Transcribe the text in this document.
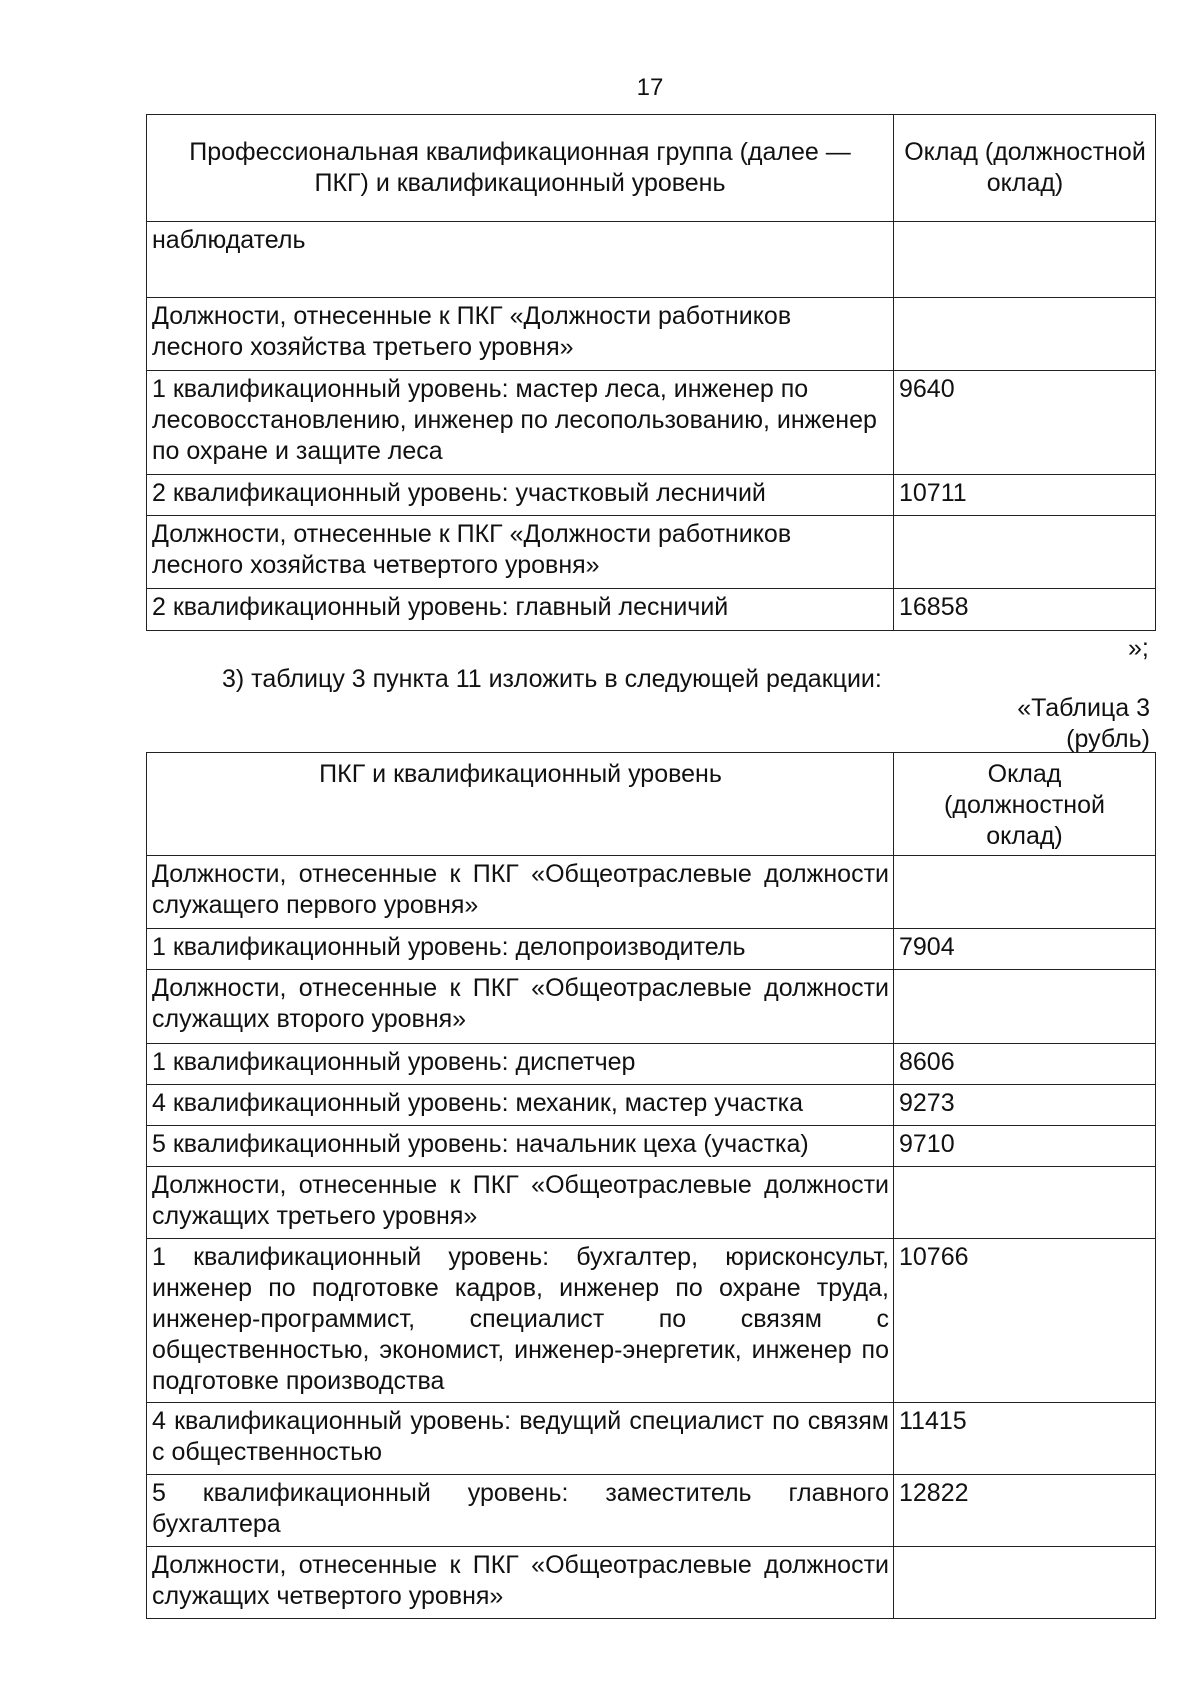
17
Профессиональная квалификационная группа (далее — ПКГ) и квалификационный уровень	Оклад (должностной оклад)
наблюдатель	
Должности, отнесенные к ПКГ «Должности работников лесного хозяйства третьего уровня»	
1 квалификационный уровень: мастер леса, инженер по лесовосстановлению, инженер по лесопользованию, инженер по охране и защите леса	9640
2 квалификационный уровень: участковый лесничий	10711
Должности, отнесенные к ПКГ «Должности работников лесного хозяйства четвертого уровня»	
2 квалификационный уровень: главный лесничий	16858
»;
3) таблицу 3 пункта 11 изложить в следующей редакции:
«Таблица 3
(рубль)
ПКГ и квалификационный уровень	Оклад (должностной оклад)
Должности, отнесенные к ПКГ «Общеотраслевые должности служащего первого уровня»	
1 квалификационный уровень: делопроизводитель	7904
Должности, отнесенные к ПКГ «Общеотраслевые должности служащих второго уровня»	
1 квалификационный уровень: диспетчер	8606
4 квалификационный уровень: механик, мастер участка	9273
5 квалификационный уровень: начальник цеха (участка)	9710
Должности, отнесенные к ПКГ «Общеотраслевые должности служащих третьего уровня»	
1 квалификационный уровень: бухгалтер, юрисконсульт, инженер по подготовке кадров, инженер по охране труда, инженер-программист, специалист по связям с общественностью, экономист, инженер-энергетик, инженер по подготовке производства	10766
4 квалификационный уровень: ведущий специалист по связям с общественностью	11415
5 квалификационный уровень: заместитель главного бухгалтера	12822
Должности, отнесенные к ПКГ «Общеотраслевые должности служащих четвертого уровня»	
